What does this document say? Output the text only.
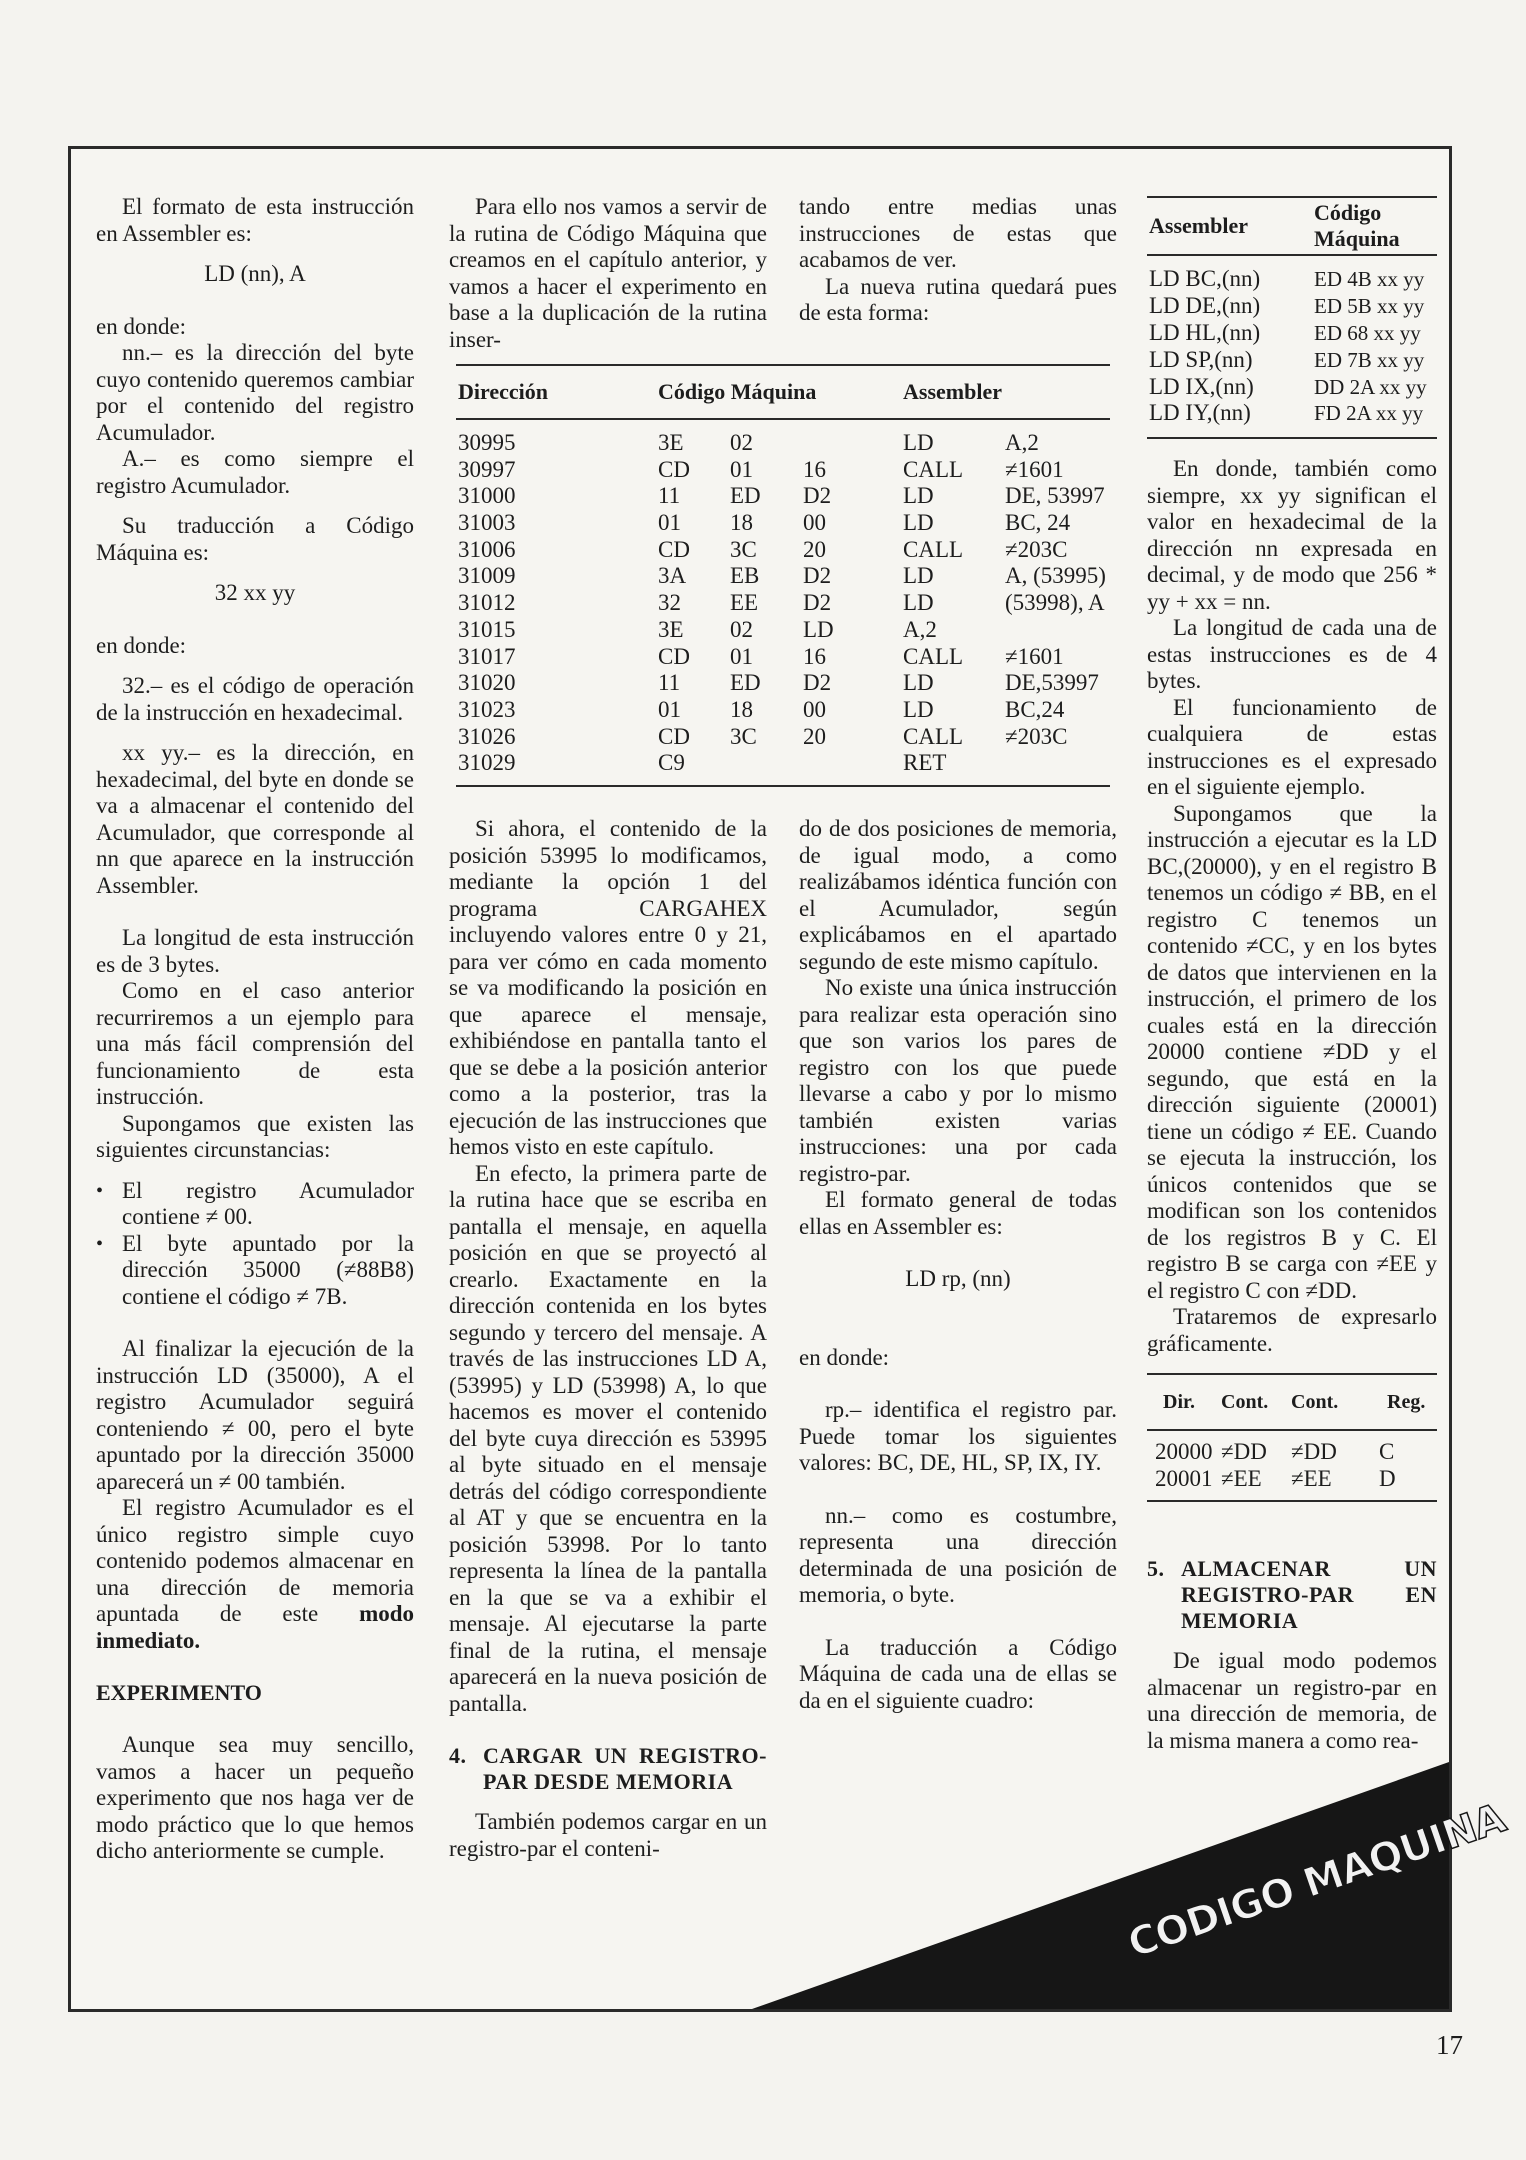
El formato de esta instrucción en Assembler es:

LD (nn), A

en donde:

nn.– es la dirección del byte cuyo contenido queremos cambiar por el contenido del registro Acumulador.

A.– es como siempre el registro Acumulador.

Su traducción a Código Máquina es:

32 xx yy

en donde:

32.– es el código de operación de la instrucción en hexadecimal.

xx yy.– es la dirección, en hexadecimal, del byte en donde se va a almacenar el contenido del Acumulador, que corresponde al nn que aparece en la instrucción Assembler.

La longitud de esta instrucción es de 3 bytes.

Como en el caso anterior recurriremos a un ejemplo para una más fácil comprensión del funcionamiento de esta instrucción.

Supongamos que existen las siguientes circunstancias:

• El registro Acumulador contiene ≠ 00.
• El byte apuntado por la dirección 35000 (≠88B8) contiene el código ≠ 7B.

Al finalizar la ejecución de la instrucción LD (35000), A el registro Acumulador seguirá conteniendo ≠ 00, pero el byte apuntado por la dirección 35000 aparecerá un ≠ 00 también.

El registro Acumulador es el único registro simple cuyo contenido podemos almacenar en una dirección de memoria apuntada de este modo inmediato.

EXPERIMENTO

Aunque sea muy sencillo, vamos a hacer un pequeño experimento que nos haga ver de modo práctico que lo que hemos dicho anteriormente se cumple.

Para ello nos vamos a servir de la rutina de Código Máquina que creamos en el capítulo anterior, y vamos a hacer el experimento en base a la duplicación de la rutina inser-

tando entre medias unas instrucciones de estas que acabamos de ver.

La nueva rutina quedará pues de esta forma:

Dirección	Código Máquina	Assembler
30995	3E	02	LD	A,2
30997	CD	01	16	CALL	≠1601
31000	11	ED	D2	LD	DE, 53997
31003	01	18	00	LD	BC, 24
31006	CD	3C	20	CALL	≠203C
31009	3A	EB	D2	LD	A, (53995)
31012	32	EE	D2	LD	(53998), A
31015	3E	02	LD	A,2
31017	CD	01	16	CALL	≠1601
31020	11	ED	D2	LD	DE,53997
31023	01	18	00	LD	BC,24
31026	CD	3C	20	CALL	≠203C
31029	C9	RET

Si ahora, el contenido de la posición 53995 lo modificamos, mediante la opción 1 del programa CARGAHEX incluyendo valores entre 0 y 21, para ver cómo en cada momento se va modificando la posición en que aparece el mensaje, exhibiéndose en pantalla tanto el que se debe a la posición anterior como a la posterior, tras la ejecución de las instrucciones que hemos visto en este capítulo.

En efecto, la primera parte de la rutina hace que se escriba en pantalla el mensaje, en aquella posición en que se proyectó al crearlo. Exactamente en la dirección contenida en los bytes segundo y tercero del mensaje. A través de las instrucciones LD A, (53995) y LD (53998) A, lo que hacemos es mover el contenido del byte cuya dirección es 53995 al byte situado en el mensaje detrás del código correspondiente al AT y que se encuentra en la posición 53998. Por lo tanto representa la línea de la pantalla en la que se va a exhibir el mensaje. Al ejecutarse la parte final de la rutina, el mensaje aparecerá en la nueva posición de pantalla.

4. CARGAR UN REGISTRO-PAR DESDE MEMORIA

También podemos cargar en un registro-par el conteni-

do de dos posiciones de memoria, de igual modo, a como realizábamos idéntica función con el Acumulador, según explicábamos en el apartado segundo de este mismo capítulo.

No existe una única instrucción para realizar esta operación sino que son varios los pares de registro con los que puede llevarse a cabo y por lo mismo también existen varias instrucciones: una por cada registro-par.

El formato general de todas ellas en Assembler es:

LD rp, (nn)

en donde:

rp.– identifica el registro par. Puede tomar los siguientes valores: BC, DE, HL, SP, IX, IY.

nn.– como es costumbre, representa una dirección determinada de una posición de memoria, o byte.

La traducción a Código Máquina de cada una de ellas se da en el siguiente cuadro:

Assembler
Código Máquina
LD BC,(nn)	ED 4B xx yy
LD DE,(nn)	ED 5B xx yy
LD HL,(nn)	ED 68 xx yy
LD SP,(nn)	ED 7B xx yy
LD IX,(nn)	DD 2A xx yy
LD IY,(nn)	FD 2A xx yy

En donde, también como siempre, xx yy significan el valor en hexadecimal de la dirección nn expresada en decimal, y de modo que 256 * yy + xx = nn.

La longitud de cada una de estas instrucciones es de 4 bytes.

El funcionamiento de cualquiera de estas instrucciones es el expresado en el siguiente ejemplo.

Supongamos que la instrucción a ejecutar es la LD BC,(20000), y en el registro B tenemos un código ≠ BB, en el registro C tenemos un contenido ≠CC, y en los bytes de datos que intervienen en la instrucción, el primero de los cuales está en la dirección 20000 contiene ≠DD y el segundo, que está en la dirección siguiente (20001) tiene un código ≠ EE. Cuando se ejecuta la instrucción, los únicos contenidos que se modifican son los contenidos de los registros B y C. El registro B se carga con ≠EE y el registro C con ≠DD.

Trataremos de expresarlo gráficamente.

Dir.	Cont.	Cont.	Reg.
20000 ≠DD	≠DD	C
20001 ≠EE	≠EE	D
5. ALMACENAR UN REGISTRO-PAR EN MEMORIA

De igual modo podemos almacenar un registro-par en una dirección de memoria, de la misma manera a como rea-

CODIGO MAQUINA
17
